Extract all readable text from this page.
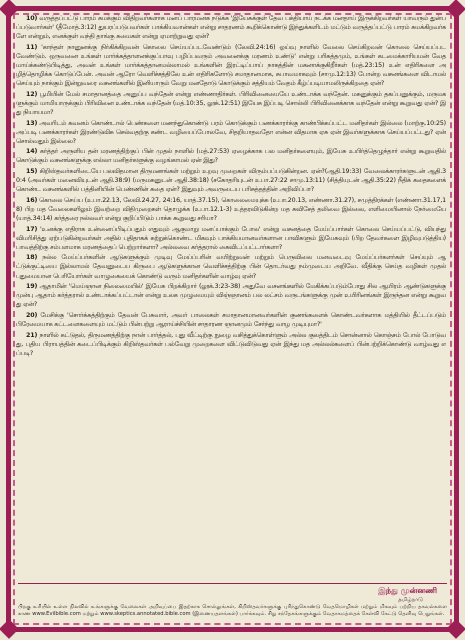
10) வருத்தப்பட்டு பாரம் சுமக்கும் விதிறவர்களாக மனப் பாரமனக நடுக்க 'இயேசுக்குள் தேவ பக்தியாய் நடக்க மனதாய் இருக்கிறவர்கள் யாவரும் துன்பப்படுவார்கள்' (தீமோத்.3:12) துயரப்படுபவர்கள் பாக்கியவான்கள் என்று சாதரணம் கூறிக்கொண்டு இந்துக்களிடம் மட்டும் வருத்தப்பட்டு பாரம் சுமக்கிறவர்களே என்றும், எனக்குள் வந்தி தாங்கு சுமைகள் என்று ஏமாற்றுவது ஏன்?

11) 'காந்தள் நானுனக்கு நிர்கிக்கிறவன் கொலை செய்யப்படவேண்டும் (லேவி.24:16) ஓய்வு நாளில் வேலை செய்கிறவன் கொலை செய்யப்பட வேண்டும். ஒருவனை உங்கள் மார்க்கத்தாளனக்குப்பாவு பழிப்பவரும் அவனைக்கு மரணம் உண்டு' என்று பரிசுத்தமும், உங்கள் கடமைக்காரியமன் வேதமாய்க்கண்டுபிடித்து, அவன் உங்கள் மார்க்கத்தானமல்லாமல் உங்களின் இரட்டிப்பாய் நாகத்தின் மகனாக்குகிறீர்கள் (மத்.23:15) உன் எதிரிகளை அழித்தொழிக்க கொடுப்பேன். அவன் ஆரோ வெளிச்சத்திலே உன் எதிரிகளோடு சமாதானமாக, சுபாவமாகவும் (சாமு.12:13) போன்ற வசனங்களை விடாமல் செய்யும் நாக்கும் இன்றுவரை வசனங்களில் இனியாரும் வேறு மனதோடு கொடுக்கும் சத்தியம் வேதம் கீழ்ப்படியாமலிருக்கிறதை ஏன்?

12) பூமியின் மேல் சமாதானத்தை அனுப்ப வந்தேன் என்று எண்ணாதிர்கள். பிரிவினையையே உண்டாக்க வந்தேன். மகனுக்கும் தகப்பனுக்கும், மருமகளுக்கும் மாமியாருக்கும் பிரிவினை உண்டாக்க வந்தேன் (மத்.10:35, லூக்.12:51) இயேசு இப்படி சொல்லி பிரிவினைக்காக வந்தேன் என்று கூறுவது ஏன்? இது நியாயமா?

13) அவரிடம் கவனம் கொண்டால் பெண்களை மணந்துகொண்டு பரம் கொடுக்கும் பணக்காரர்க்கு காண்பிக்கப்பட்ட மனிதர்கள் இல்லை (மாற்கு.10:25) அப்படி பணக்காரர்கள் இரண்டுவிசு செல்வதற்கு கண்ட வழியைப்போலவே, சிதறியாதவதோ என்ன விதமாக ஏசு ஏன் இவர்களுக்காக செய்யப்பட்டது? ஏன் சொல்வதும் இல்லை?

14) கர்த்தர் அருளிய தன் மரணத்திற்குப் பின் முதல் நாளில் (மத்.27:53) ஏழைக்காக பல மனிதர்களையும், இயேசு உயிர்த்தெழுந்தார் என்று கூறுவதில் கொடுக்கும் வசனங்களுக்கு எல்லா மனிதர்களுக்கு வழங்காமல் ஏன் இது?

15) கிறிஸ்தவர்களிடையே பலவிதமான திருமணங்கள் மற்றும் உறவு முறைகள் விரும்பப்படுகின்றன. ஏன்?(ஆதி.19:33) வேலைக்காரர்களுடன் ஆதி.30:4 (அவர்கள் மனைவியுடன் ஆதி.38:9) (மருமகனுடன் ஆதி.38:18) (சகோதரியுடன் உபா.27:22 சாமு.13:11) (சித்தியுடன் ஆதி.35:22) நீதிக் கதைகளைக் கொண்ட வசனங்களில் பத்தினியின் பெண்ணின் கதை ஏன்? இதுவும் அவருடைய பரிசுத்தத்தின் அறிவிப்பா?

16) கொலை செய்ய (உபா.22.13, லேவி.24.27, 24:16, யாத்.37.15), கொலைமையுக்க (உபா.20.13, எண்ணா.31.27), சமுத்திரக்கள் (எண்ணா.31.17,18) பிற மத வேலைகளிலும் இவற்றை விதிமுறைகள் தொழுக்க (உபா.12.1-3) உத்தரவிடுகின்ற மத சுவிசேத் தலிவை இல்லை, எளிமையினால் நேர்மையே (யாத்.34:14) கர்த்தரை நல்லவர் என்று குறிப்பிடும் பாக்க கூறுவது சரியா?

17) 'உனக்கு எதிராக உன்னைப்பிடிப்பதும் எதுவும் ஆகுமாறு மனப்பாக்கும் போல' என்று வசனத்தை மேய்ப்பார்கள் கொலை செய்யப்பட்டு, வியந்து விமரிசித்து ஏற்படுகின்றவர்கள் அதில் புதிதாகக் கற்றுக்கொண்ட மிகவும் பாக்கியமானவர்களான பாவிகளும் இயேசுவும் (பிற தேவர்களை இழிவுபடுத்திய) பாவத்திற்கு சம்பளமாக மரணத்தைப் பெற்றார்களா? அல்லவை கர்த்தரால் கைவிடப்பட்டார்களா?

18) நல்ல மேய்ப்பர்களின் ஆடுகளுக்கும் முடிவு மேய்ப்பரின் வயிற்றுவன் மற்றும் பெருவிலை மனவடைவு மேய்ப்பர்களர்கள் செய்யும் ஆட்டுக்குட்டியை இல்லாமல் தேவனுடைய கிருபை ஆடுகளுக்கான வெளிச்சத்திற்கு பின் தொடர்வது நம்முடைய அறிவே. வீதிக்கு செய்த வழிகள் முதல் புதுமையான பெரியோர்கள் வாழுகையைக் கொண்டு வரும் மனிதர்களின் வாழ்வு ஏன்?

19) ஆதாமின் 'மெய்ஞான நிலைமையில்' இயேசு பிறக்கிறார் (லூக்.3:23-38) அதுவே வசனங்களில் மேகிக்கப்படும்போது சில ஆயிரம் ஆண்டுகளுக்கு முன்பு ஆதாம் கர்த்தரால் உண்டாக்கப்பட்டான் என்று உலக முழுமையும் விஞ்ஞானம் பல லட்சம் வருடங்களுக்கு முன் உயிரினங்கள் இருந்தன என்று கூறுவது ஏன்?

20) மேசிக்கு 'சொர்க்கத்திற்கும் தேவன் பேசுவார், அவர் பாலைகள் சமாதானமானவர்களின் குணங்களைக் கொண்டவர்களாக மத்தியில் தீட்டப்படும் பிரேமையாக கட்டளைகளையும் மட்டும் பின்பற்று ஆராய்ச்சியின் சாதாரண ஞானமும் சேர்ந்து வாழ முடியுமா?'

21) நாளில் கட்டுதல், திருமணத்திற்கு நான் பார்த்தல், புது வீட்டிற்கு நுழை வசித்துக்கொள்ளும் அல்ல குலத்திடம் சொன்னால் கொஞ்சம் போல் போடுவது, புதிய பிராயத்தின் கடைப்பிடிக்கும் கிறிஸ்தவர்கள் பல்வேறு முறைகளை விட்டுவிடுவது ஏன் இந்து மத அல்லல்களைப் பின்பற்றிக்கொண்டு வாழ்வது எப்படி?

இந்து முன்னணி
தமிழ்நாடு
பிறகு உரியில் உள்ள நிலவில் உங்களுக்கு வேலைகள் அறிவுப்பை இதற்காக சொல்லுங்கள், கிறிஸ்தவர்களுக்கு புரிந்துகொண்டு வேதமொழிகள் மற்றும் மிகவும் பற்றிய தகவல்களை காண www.Evilbible.com மற்றும் www.skeptics.annotated.bible.com (இணையதளங்கள்) பார்க்கவும். சிறு சந்தேகங்களுக்கும் வேதாகமத்தைக் கேள்வி கேட்டு தெளிவு பெறுங்கள்.
